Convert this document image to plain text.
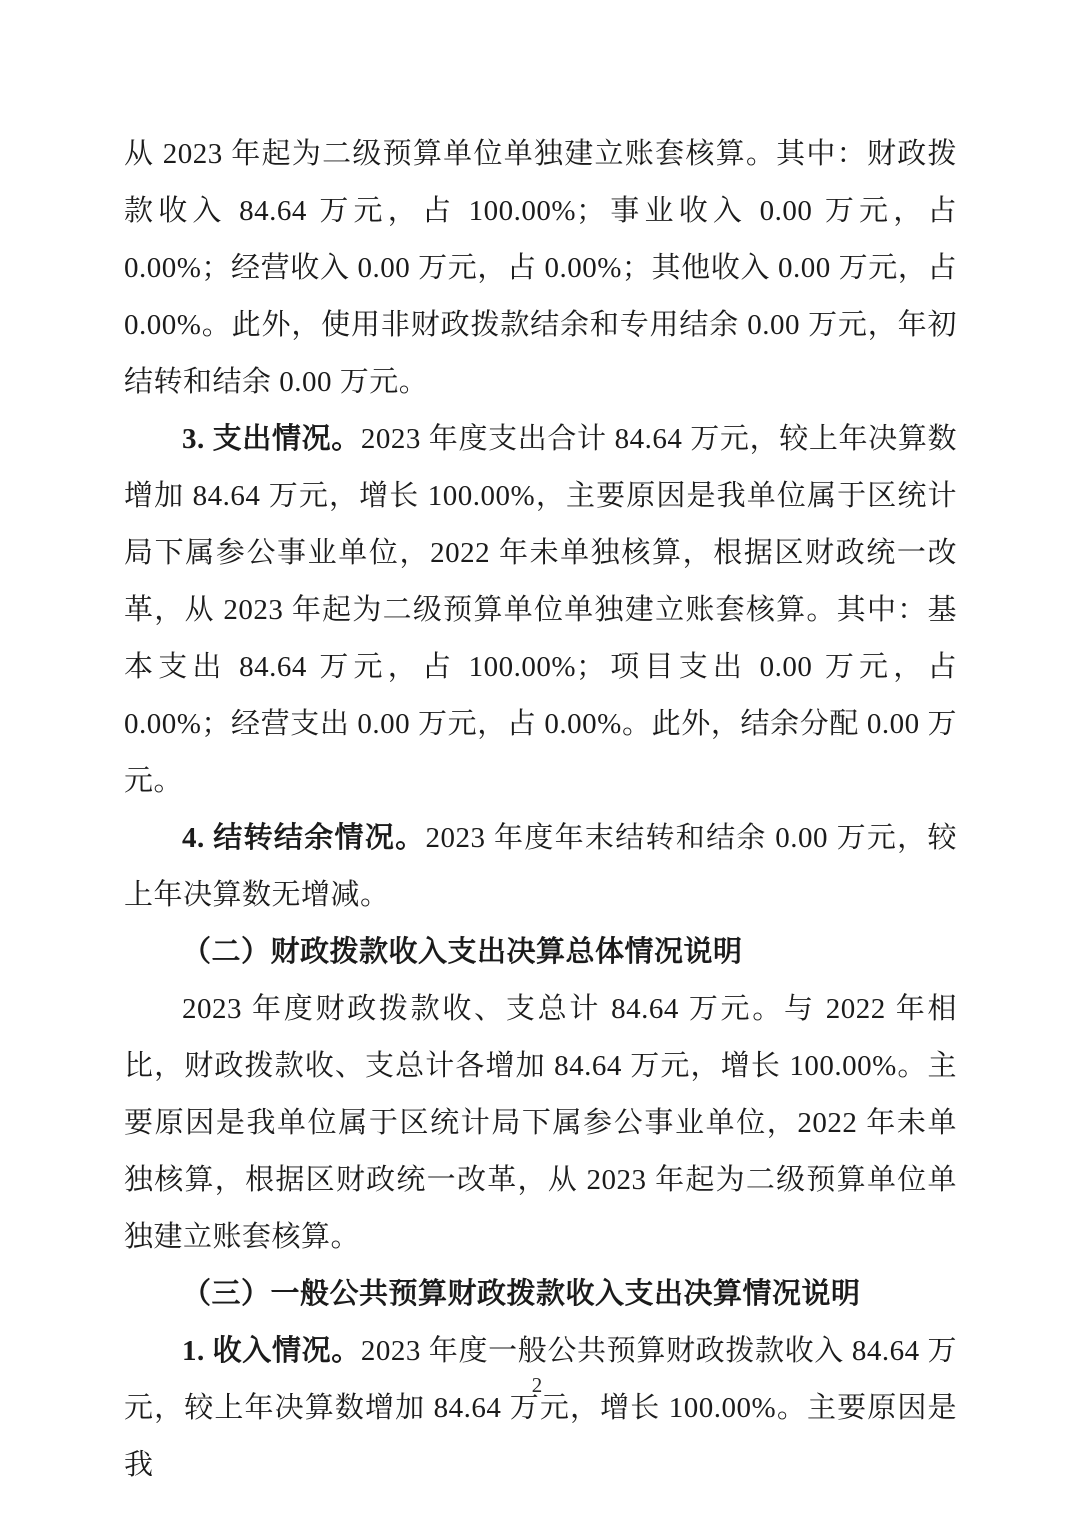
从 2023 年起为二级预算单位单独建立账套核算。其中：财政拨款收入 84.64 万元，占 100.00%；事业收入 0.00 万元，占 0.00%；经营收入 0.00 万元，占 0.00%；其他收入 0.00 万元，占 0.00%。此外，使用非财政拨款结余和专用结余 0.00 万元，年初结转和结余 0.00 万元。

3. 支出情况。2023 年度支出合计 84.64 万元，较上年决算数增加 84.64 万元，增长 100.00%，主要原因是我单位属于区统计局下属参公事业单位，2022 年未单独核算，根据区财政统一改革，从 2023 年起为二级预算单位单独建立账套核算。其中：基本支出 84.64 万元，占 100.00%；项目支出 0.00 万元，占 0.00%；经营支出 0.00 万元，占 0.00%。此外，结余分配 0.00 万元。

4. 结转结余情况。2023 年度年末结转和结余 0.00 万元，较上年决算数无增减。

（二）财政拨款收入支出决算总体情况说明

2023 年度财政拨款收、支总计 84.64 万元。与 2022 年相比，财政拨款收、支总计各增加 84.64 万元，增长 100.00%。主要原因是我单位属于区统计局下属参公事业单位，2022 年未单独核算，根据区财政统一改革，从 2023 年起为二级预算单位单独建立账套核算。

（三）一般公共预算财政拨款收入支出决算情况说明

1. 收入情况。2023 年度一般公共预算财政拨款收入 84.64 万元，较上年决算数增加 84.64 万元，增长 100.00%。主要原因是我

2
